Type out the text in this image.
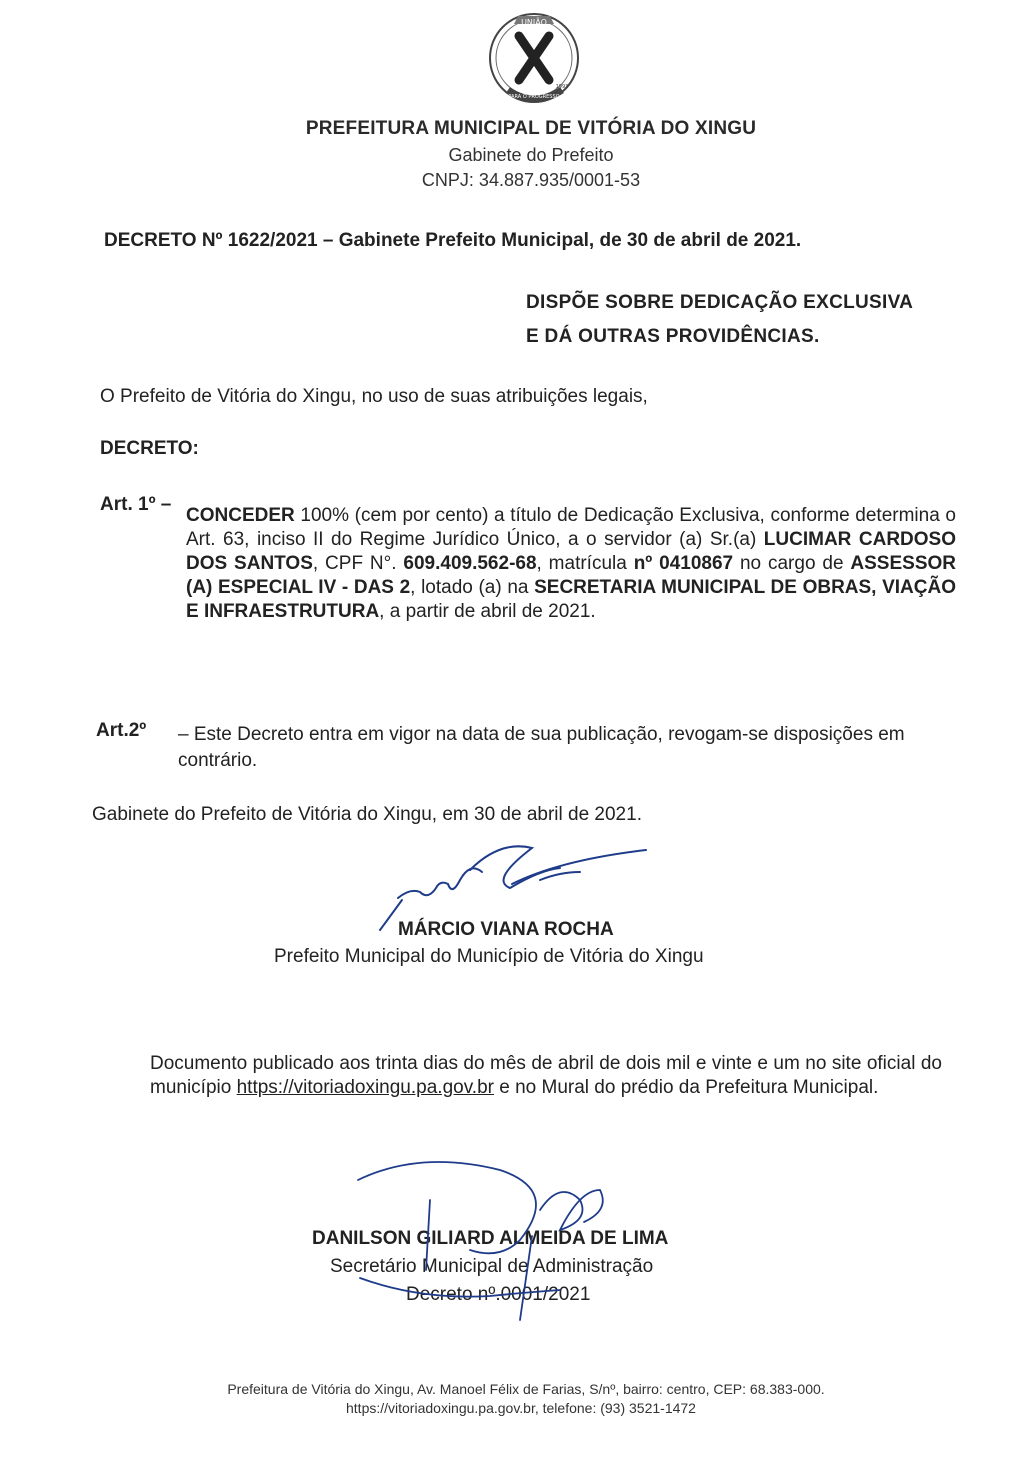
UNIÃO
PARA O PROGRESSO
1993
PREFEITURA MUNICIPAL DE VITÓRIA DO XINGU
Gabinete do Prefeito
CNPJ: 34.887.935/0001-53
DECRETO Nº 1622/2021 – Gabinete Prefeito Municipal, de 30 de abril de 2021.
DISPÕE SOBRE DEDICAÇÃO EXCLUSIVA
E DÁ OUTRAS PROVIDÊNCIAS.
O Prefeito de Vitória do Xingu, no uso de suas atribuições legais,
DECRETO:
Art. 1º –
CONCEDER 100% (cem por cento) a título de Dedicação Exclusiva, conforme determina o Art. 63, inciso II do Regime Jurídico Único, a o servidor (a) Sr.(a) LUCIMAR CARDOSO DOS SANTOS, CPF N°. 609.409.562-68, matrícula nº 0410867 no cargo de ASSESSOR (A) ESPECIAL IV - DAS 2, lotado (a) na SECRETARIA MUNICIPAL DE OBRAS, VIAÇÃO E INFRAESTRUTURA, a partir de abril de 2021.
Art.2º – Este Decreto entra em vigor na data de sua publicação, revogam-se disposições em contrário.
Gabinete do Prefeito de Vitória do Xingu, em 30 de abril de 2021.
MÁRCIO VIANA ROCHA
Prefeito Municipal do Município de Vitória do Xingu
Documento publicado aos trinta dias do mês de abril de dois mil e vinte e um no site oficial do município https://vitoriadoxingu.pa.gov.br e no Mural do prédio da Prefeitura Municipal.
DANILSON GILIARD ALMEIDA DE LIMA
Secretário Municipal de Administração
Decreto nº.0001/2021
Prefeitura de Vitória do Xingu, Av. Manoel Félix de Farias, S/nº, bairro: centro, CEP: 68.383-000.
https://vitoriadoxingu.pa.gov.br, telefone: (93) 3521-1472
